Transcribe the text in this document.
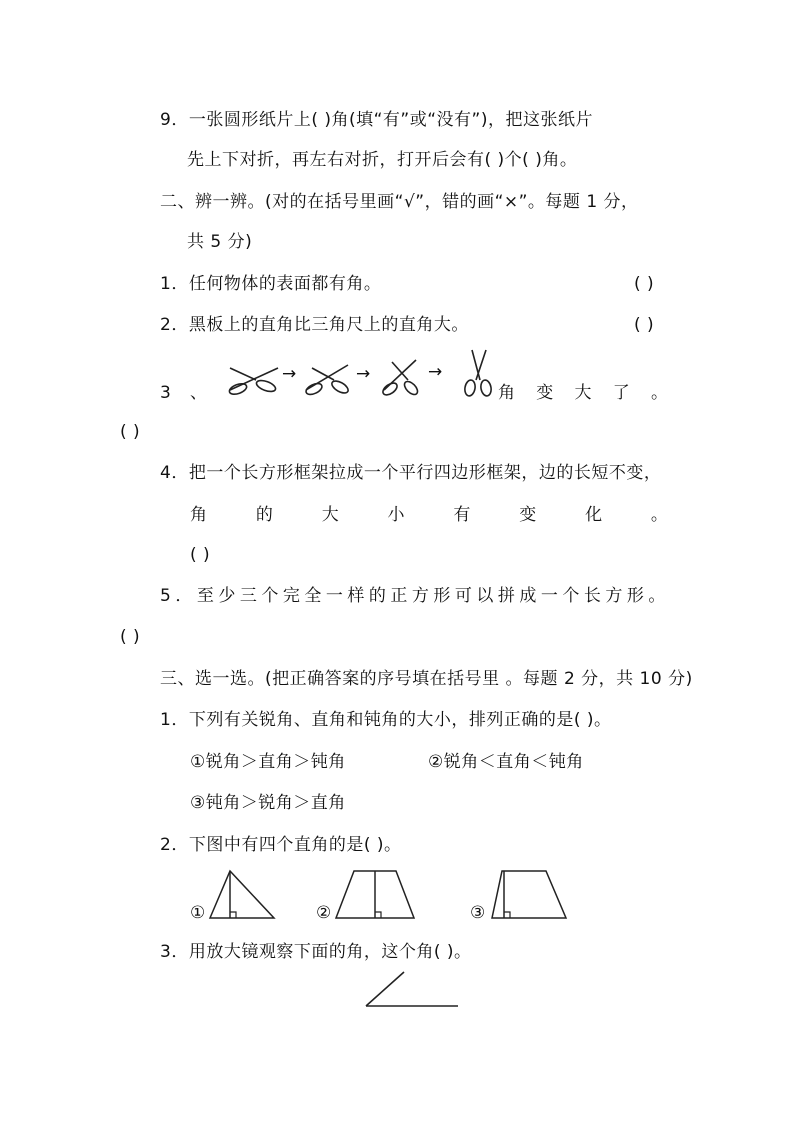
9．一张圆形纸片上( )角(填“有”或“没有”)，把这张纸片
先上下对折，再左右对折，打开后会有( )个( )角。
二、辨一辨。(对的在括号里画“√”，错的画“×”。每题 1 分，
共 5 分)
1．任何物体的表面都有角。	( )
2．黑板上的直角比三角尺上的直角大。	( )
3 、
→	→	→
角 变 大 了 。
( )
4．把一个长方形框架拉成一个平行四边形框架，边的长短不变，
角	的	大	小	有	变	化	。
( )
5．至少三个完全一样的正方形可以拼成一个长方形。
( )
三、选一选。(把正确答案的序号填在括号里 。每题 2 分，共 10 分)
1．下列有关锐角、直角和钝角的大小，排列正确的是( )。
①锐角＞直角＞钝角	②锐角＜直角＜钝角
③钝角＞锐角＞直角
2．下图中有四个直角的是( )。
①	②	③
3．用放大镜观察下面的角，这个角( )。
